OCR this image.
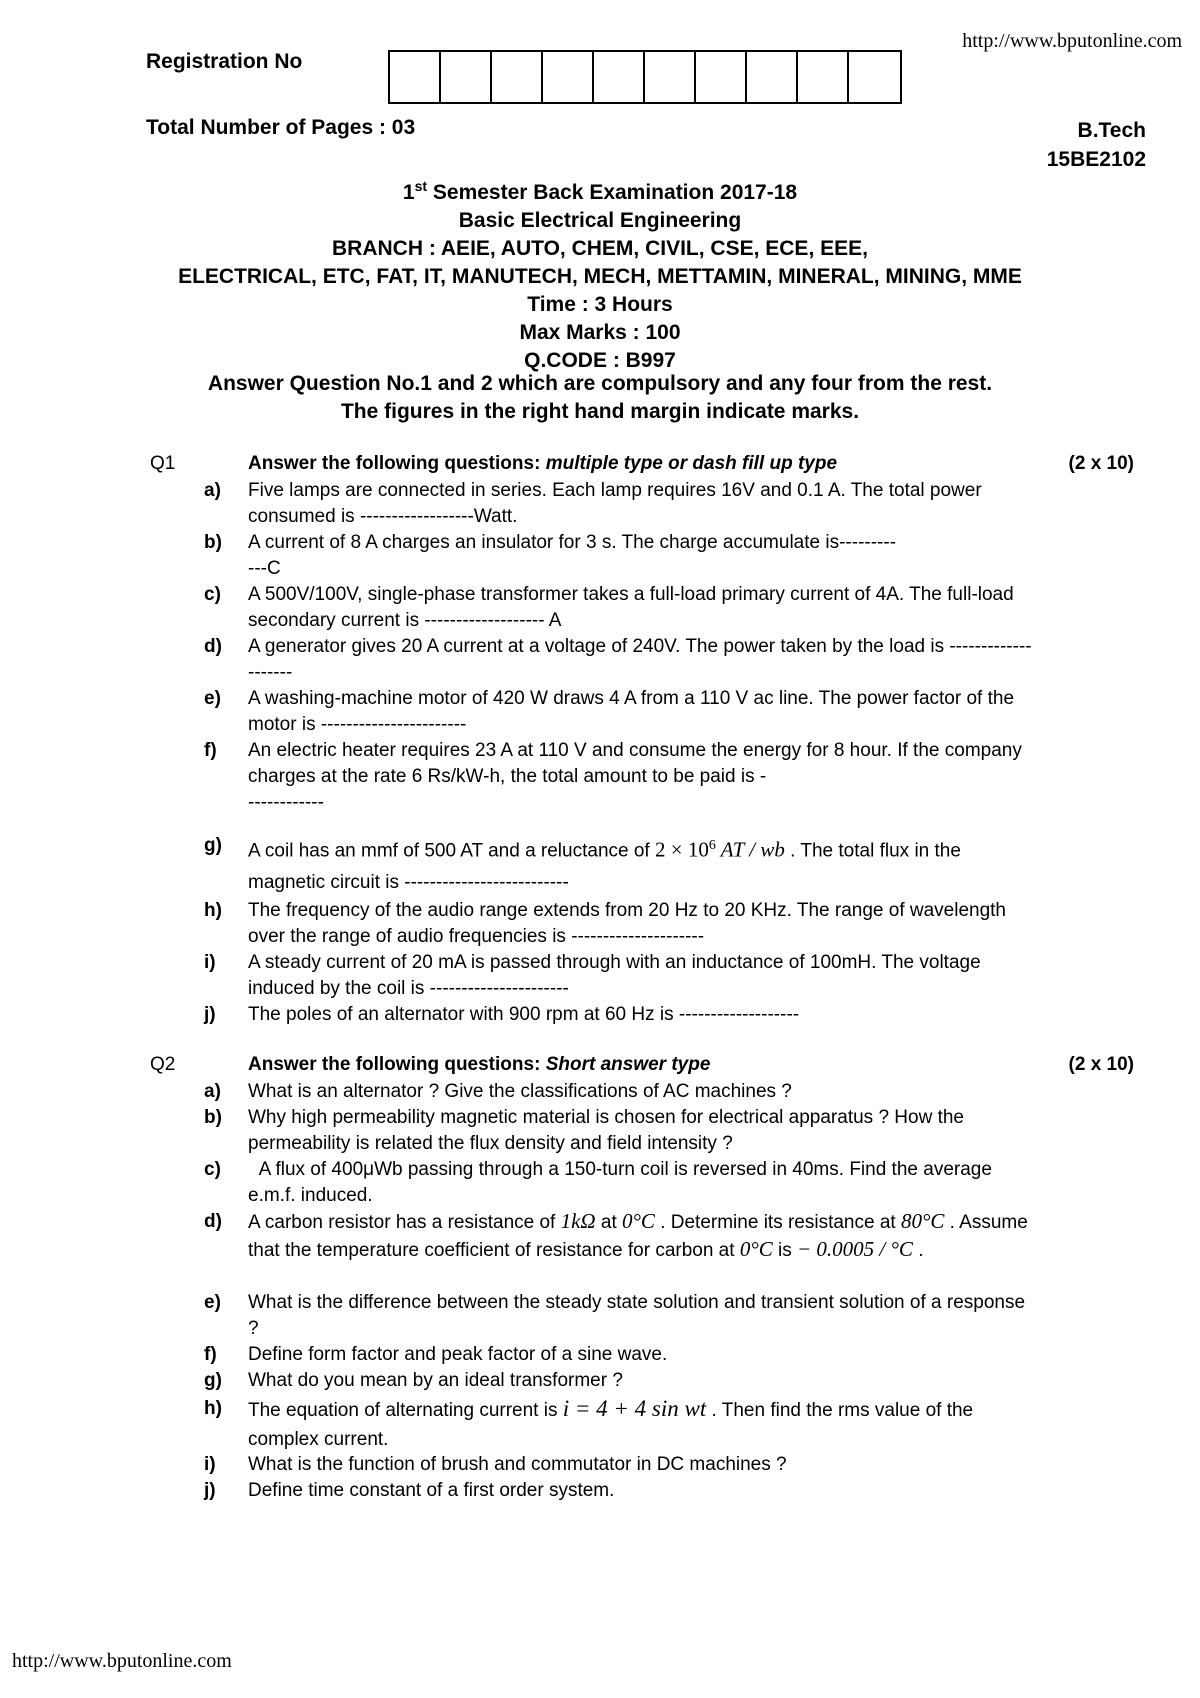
http://www.bputonline.com
Registration No
Total Number of Pages : 03	B.Tech
15BE2102
1st Semester Back Examination 2017-18
Basic Electrical Engineering
BRANCH : AEIE, AUTO, CHEM, CIVIL, CSE, ECE, EEE,
ELECTRICAL, ETC, FAT, IT, MANUTECH, MECH, METTAMIN, MINERAL, MINING, MME
Time : 3 Hours
Max Marks : 100
Q.CODE : B997
Answer Question No.1 and 2 which are compulsory and any four from the rest.
The figures in the right hand margin indicate marks.
Q1	Answer the following questions: multiple type or dash fill up type	(2 x 10)
a)	Five lamps are connected in series. Each lamp requires 16V and 0.1 A. The total power consumed is ------------------Watt.
b)	A current of 8 A charges an insulator for 3 s. The charge accumulate is---------
---C
c)	A 500V/100V, single-phase transformer takes a full-load primary current of 4A. The full-load secondary current is ------------------- A
d)	A generator gives 20 A current at a voltage of 240V. The power taken by the load is --------------------
e)	A washing-machine motor of 420 W draws 4 A from a 110 V ac line. The power factor of the motor is -----------------------
f)	An electric heater requires 23 A at 110 V and consume the energy for 8 hour. If the company charges at the rate 6 Rs/kW-h, the total amount to be paid is -
------------
g)	A coil has an mmf of 500 AT and a reluctance of $2 \times 10^6$ AT / wb . The total flux in the magnetic circuit is --------------------------
h)	The frequency of the audio range extends from 20 Hz to 20 KHz. The range of wavelength over the range of audio frequencies is ---------------------
i)	A steady current of 20 mA is passed through with an inductance of 100mH. The voltage induced by the coil is ----------------------
j)	The poles of an alternator with 900 rpm at 60 Hz is -------------------
Q2	Answer the following questions: Short answer type	(2 x 10)
a)	What is an alternator ? Give the classifications of AC machines ?
b)	Why high permeability magnetic material is chosen for electrical apparatus ? How the permeability is related the flux density and field intensity ?
c)	A flux of 400μWb passing through a 150-turn coil is reversed in 40ms. Find the average e.m.f. induced.
d)	A carbon resistor has a resistance of 1kΩ at 0°C . Determine its resistance at 80°C . Assume that the temperature coefficient of resistance for carbon at 0°C is − 0.0005 / °C .
e)	What is the difference between the steady state solution and transient solution of a response ?
f)	Define form factor and peak factor of a sine wave.
g)	What do you mean by an ideal transformer ?
h)	The equation of alternating current is i = 4 + 4 sin wt . Then find the rms value of the complex current.
i)	What is the function of brush and commutator in DC machines ?
j)	Define time constant of a first order system.
http://www.bputonline.com
